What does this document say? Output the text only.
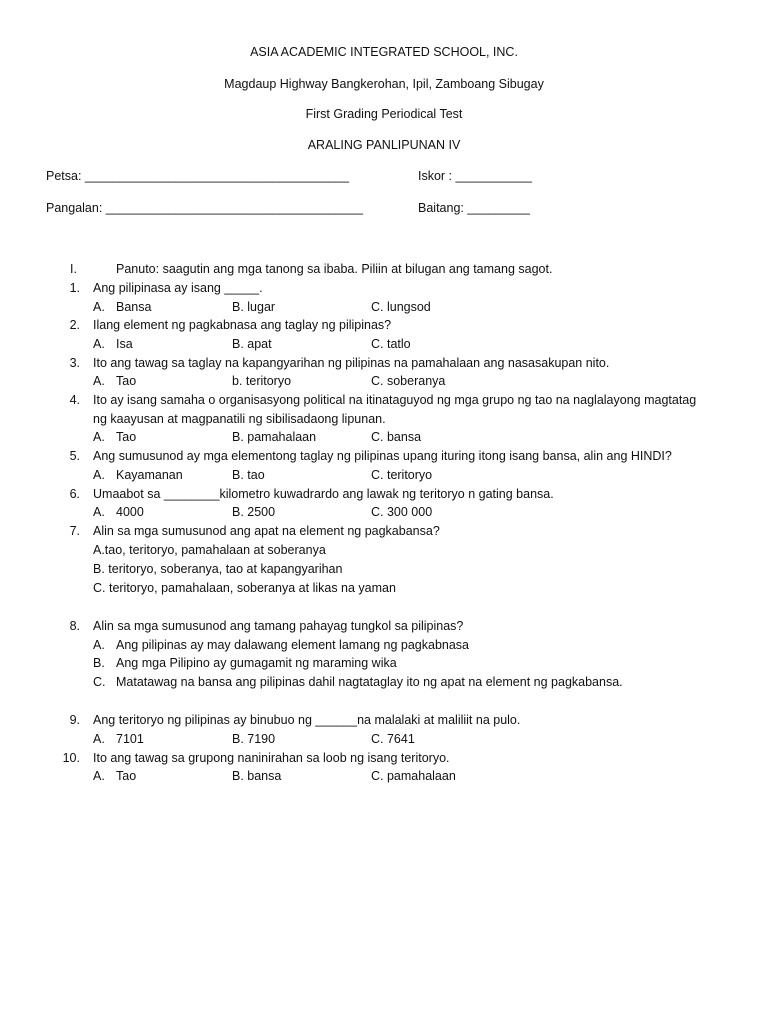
ASIA ACADEMIC INTEGRATED SCHOOL, INC.
Magdaup Highway Bangkerohan, Ipil, Zamboang Sibugay
First Grading Periodical Test
ARALING PANLIPUNAN IV
Petsa: ______________________________________	Iskor : ___________
Pangalan: _____________________________________	Baitang: _________
I.	Panuto: saagutin ang mga tanong sa ibaba. Piliin at bilugan ang tamang sagot.
1. Ang pilipinasa ay isang _____.
A. Bansa	B. lugar	C. lungsod
2. Ilang element ng pagkabnasa ang taglay ng pilipinas?
A. Isa	B. apat	C. tatlo
3. Ito ang tawag sa taglay na kapangyarihan ng pilipinas na pamahalaan ang nasasakupan nito.
A. Tao	b. teritoryo	C. soberanya
4. Ito ay isang samaha o organisasyong political na itinataguyod ng mga grupo ng tao na naglalayong magtatag
ng kaayusan at magpanatili ng sibilisadaong lipunan.
A. Tao	B. pamahalaan	C. bansa
5. Ang sumusunod ay mga elementong taglay ng pilipinas upang ituring itong isang bansa, alin ang HINDI?
A. Kayamanan	B. tao	C. teritoryo
6. Umaabot sa ________kilometro kuwadrardo ang lawak ng teritoryo n gating bansa.
A. 4000	B. 2500	C. 300 000
7. Alin sa mga sumusunod ang apat na element ng pagkabansa?
A.tao, teritoryo, pamahalaan at soberanya
B. teritoryo, soberanya, tao at kapangyarihan
C. teritoryo, pamahalaan, soberanya at likas na yaman
8. Alin sa mga sumusunod ang tamang pahayag tungkol sa pilipinas?
A. Ang pilipinas ay may dalawang element lamang ng pagkabnasa
B. Ang mga Pilipino ay gumagamit ng maraming wika
C. Matatawag na bansa ang pilipinas dahil nagtataglay ito ng apat na element ng pagkabansa.
9. Ang teritoryo ng pilipinas ay binubuo ng ______na malalaki at maliliit na pulo.
A. 7101	B. 7190	C. 7641
10. Ito ang tawag sa grupong naninirahan sa loob ng isang teritoryo.
A. Tao	B. bansa	C. pamahalaan
